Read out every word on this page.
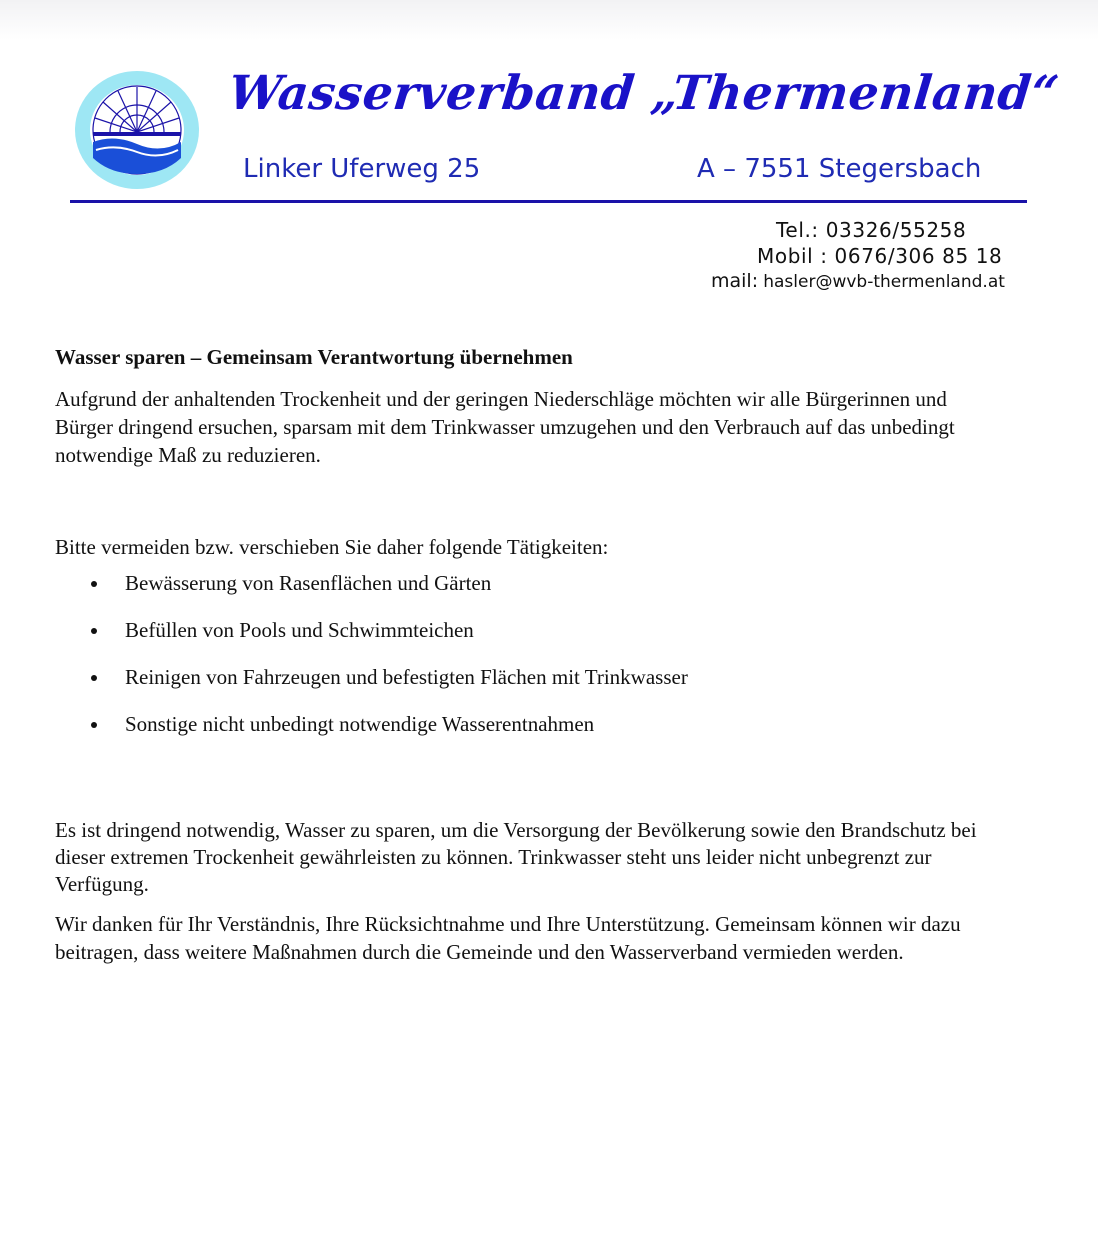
Wasserverband „Thermenland“
Linker Uferweg 25	A – 7551 Stegersbach
Tel.: 03326/55258
Mobil : 0676/306 85 18
mail: hasler@wvb-thermenland.at

Wasser sparen – Gemeinsam Verantwortung übernehmen

Aufgrund der anhaltenden Trockenheit und der geringen Niederschläge möchten wir alle Bürgerinnen und Bürger dringend ersuchen, sparsam mit dem Trinkwasser umzugehen und den Verbrauch auf das unbedingt notwendige Maß zu reduzieren.

Bitte vermeiden bzw. verschieben Sie daher folgende Tätigkeiten:

Bewässerung von Rasenflächen und Gärten
Befüllen von Pools und Schwimmteichen
Reinigen von Fahrzeugen und befestigten Flächen mit Trinkwasser
Sonstige nicht unbedingt notwendige Wasserentnahmen

Es ist dringend notwendig, Wasser zu sparen, um die Versorgung der Bevölkerung sowie den Brandschutz bei dieser extremen Trockenheit gewährleisten zu können. Trinkwasser steht uns leider nicht unbegrenzt zur Verfügung.

Wir danken für Ihr Verständnis, Ihre Rücksichtnahme und Ihre Unterstützung. Gemeinsam können wir dazu beitragen, dass weitere Maßnahmen durch die Gemeinde und den Wasserverband vermieden werden.
